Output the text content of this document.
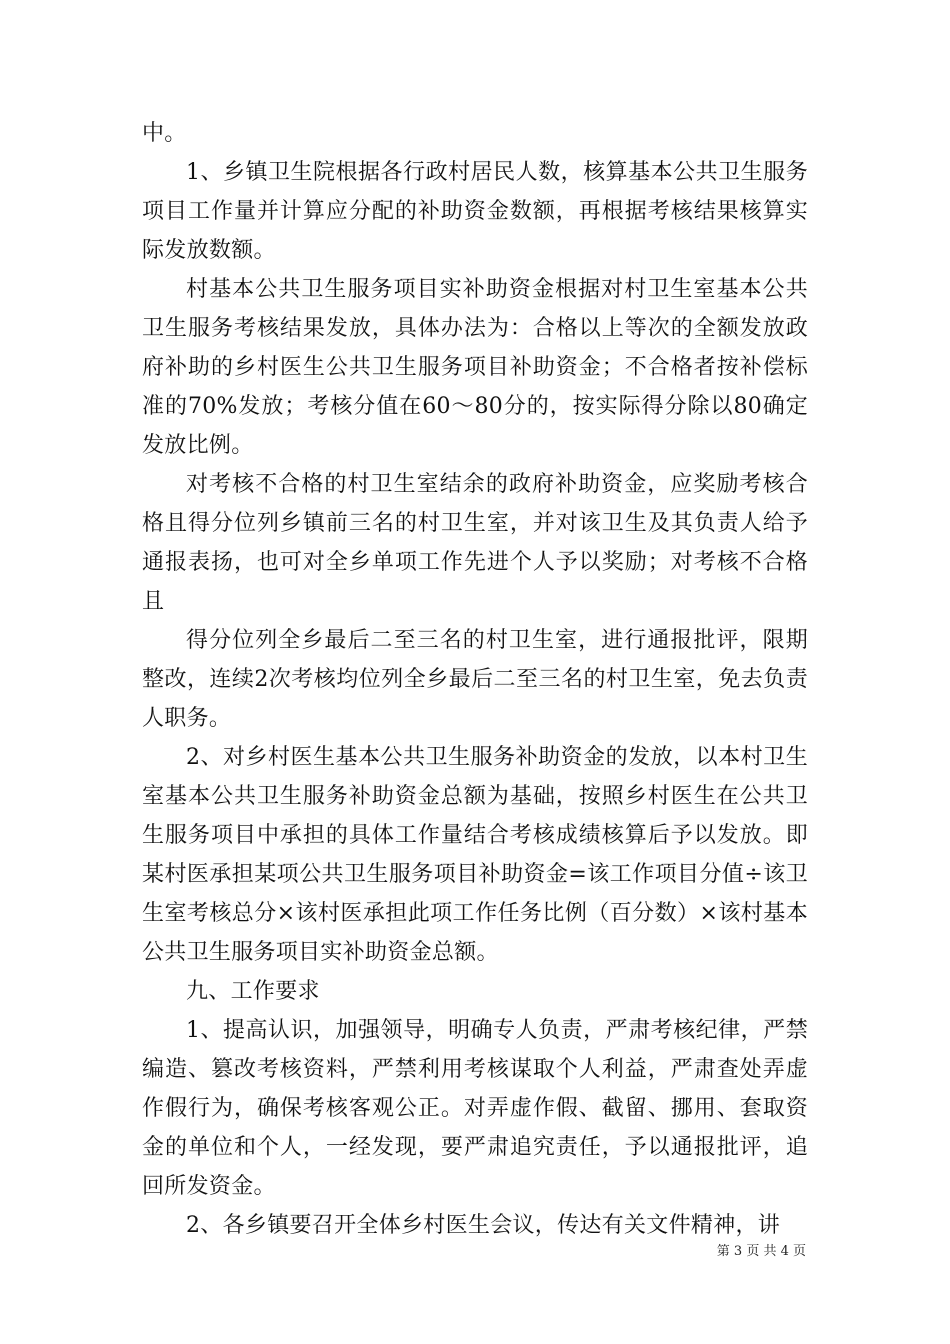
中。

1、乡镇卫生院根据各行政村居民人数，核算基本公共卫生服务项目工作量并计算应分配的补助资金数额，再根据考核结果核算实际发放数额。

村基本公共卫生服务项目实补助资金根据对村卫生室基本公共卫生服务考核结果发放，具体办法为：合格以上等次的全额发放政府补助的乡村医生公共卫生服务项目补助资金；不合格者按补偿标准的70%发放；考核分值在60～80分的，按实际得分除以80确定发放比例。

对考核不合格的村卫生室结余的政府补助资金，应奖励考核合格且得分位列乡镇前三名的村卫生室，并对该卫生及其负责人给予通报表扬，也可对全乡单项工作先进个人予以奖励；对考核不合格且

得分位列全乡最后二至三名的村卫生室，进行通报批评，限期整改，连续2次考核均位列全乡最后二至三名的村卫生室，免去负责人职务。

2、对乡村医生基本公共卫生服务补助资金的发放，以本村卫生室基本公共卫生服务补助资金总额为基础，按照乡村医生在公共卫生服务项目中承担的具体工作量结合考核成绩核算后予以发放。即某村医承担某项公共卫生服务项目补助资金=该工作项目分值÷该卫生室考核总分×该村医承担此项工作任务比例（百分数）×该村基本公共卫生服务项目实补助资金总额。

九、工作要求

1、提高认识，加强领导，明确专人负责，严肃考核纪律，严禁编造、篡改考核资料，严禁利用考核谋取个人利益，严肃查处弄虚作假行为，确保考核客观公正。对弄虚作假、截留、挪用、套取资金的单位和个人，一经发现，要严肃追究责任，予以通报批评，追回所发资金。

2、各乡镇要召开全体乡村医生会议，传达有关文件精神，讲

第 3 页 共 4 页
